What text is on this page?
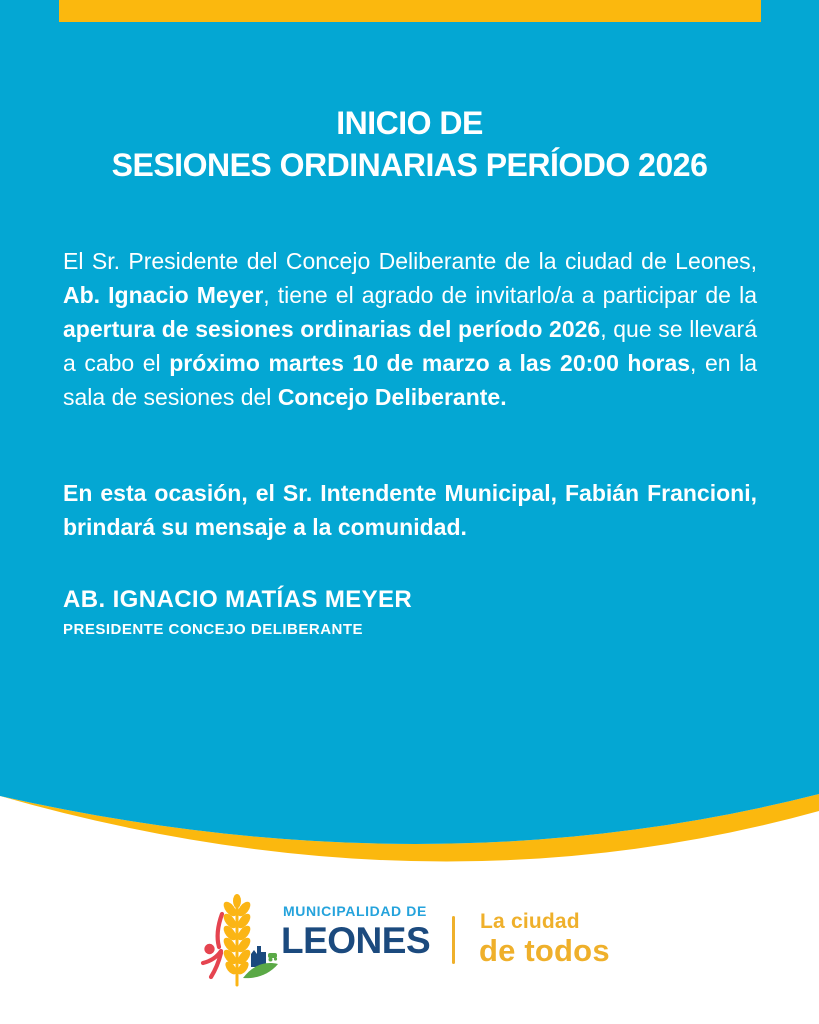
INICIO DE
SESIONES ORDINARIAS PERÍODO 2026

El Sr. Presidente del Concejo Deliberante de la ciudad de Leones, Ab. Ignacio Meyer, tiene el agrado de invitarlo/a a participar de la apertura de sesiones ordinarias del período 2026, que se llevará a cabo el próximo martes 10 de marzo a las 20:00 horas, en la sala de sesiones del Concejo Deliberante.

En esta ocasión, el Sr. Intendente Municipal, Fabián Francioni, brindará su mensaje a la comunidad.

AB. IGNACIO MATÍAS MEYER
PRESIDENTE CONCEJO DELIBERANTE
MUNICIPALIDAD DE
LEONES La ciudad
de todos
